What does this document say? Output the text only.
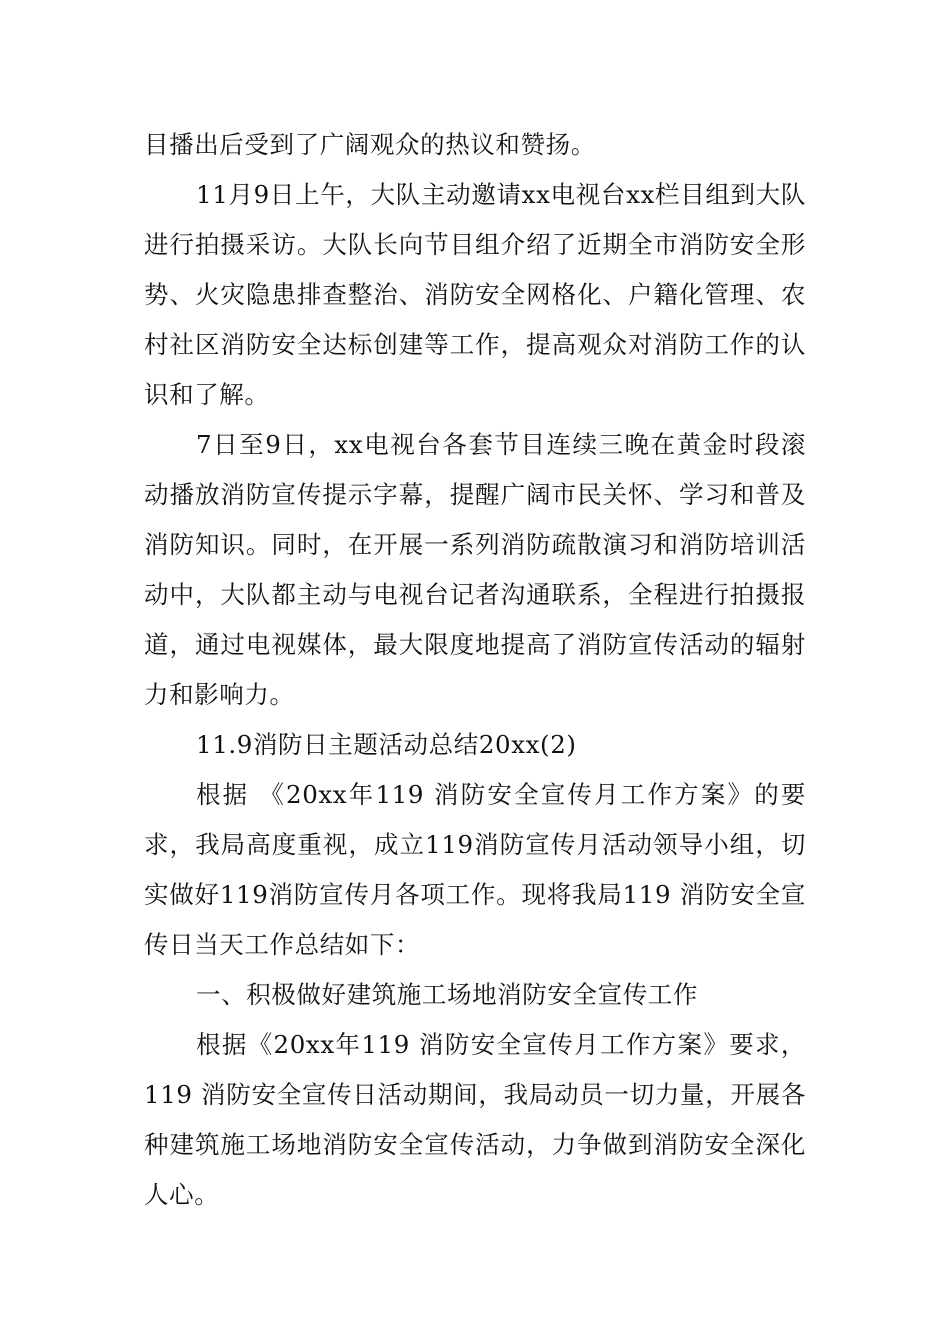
目播出后受到了广阔观众的热议和赞扬。

11月9日上午，大队主动邀请xx电视台xx栏目组到大队进行拍摄采访。大队长向节目组介绍了近期全市消防安全形势、火灾隐患排查整治、消防安全网格化、户籍化管理、农村社区消防安全达标创建等工作，提高观众对消防工作的认识和了解。

7日至9日，xx电视台各套节目连续三晚在黄金时段滚动播放消防宣传提示字幕，提醒广阔市民关怀、学习和普及消防知识。同时，在开展一系列消防疏散演习和消防培训活动中，大队都主动与电视台记者沟通联系，全程进行拍摄报道，通过电视媒体，最大限度地提高了消防宣传活动的辐射力和影响力。

11.9消防日主题活动总结20xx(2)

根据 《20xx年119 消防安全宣传月工作方案》的要求，我局高度重视，成立119消防宣传月活动领导小组，切实做好119消防宣传月各项工作。现将我局119 消防安全宣传日当天工作总结如下：

一、积极做好建筑施工场地消防安全宣传工作

根据《20xx年119 消防安全宣传月工作方案》要求，119 消防安全宣传日活动期间，我局动员一切力量，开展各种建筑施工场地消防安全宣传活动，力争做到消防安全深化人心。
